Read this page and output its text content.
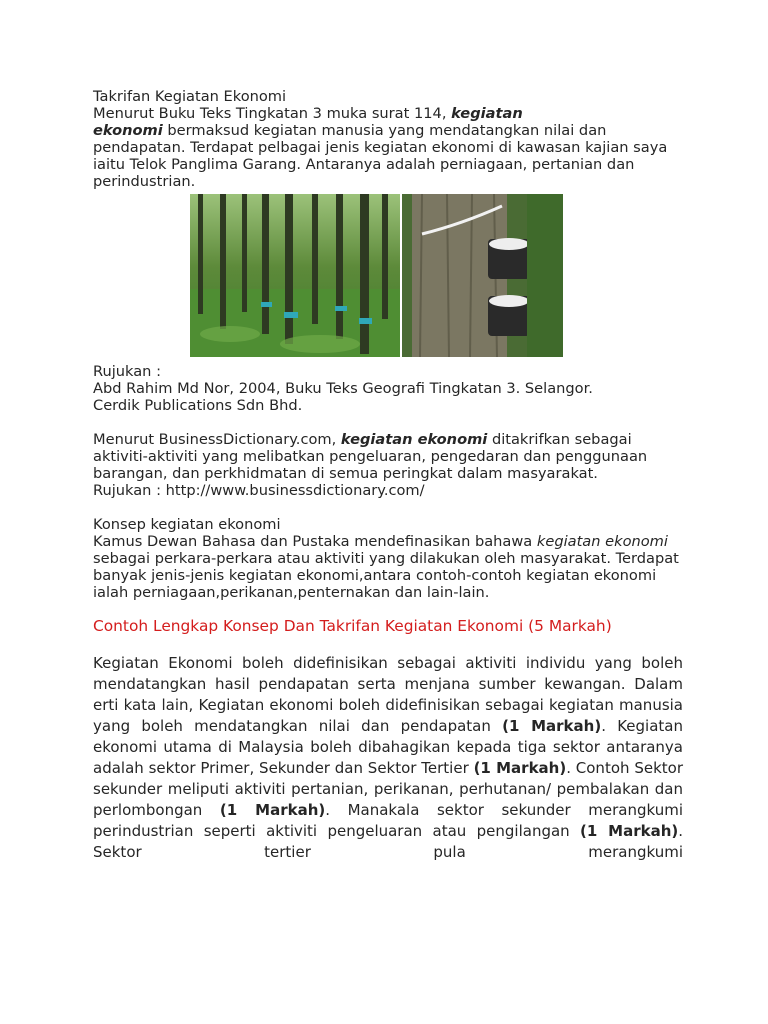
Takrifan Kegiatan Ekonomi

Menurut Buku Teks Tingkatan 3 muka surat 114, kegiatan
ekonomi bermaksud kegiatan manusia yang mendatangkan nilai dan pendapatan. Terdapat pelbagai jenis kegiatan ekonomi di kawasan kajian saya iaitu Telok Panglima Garang. Antaranya adalah perniagaan, pertanian dan perindustrian.

Rujukan :

Abd Rahim Md Nor, 2004, Buku Teks Geografi Tingkatan 3. Selangor.

Cerdik Publications Sdn Bhd.

Menurut BusinessDictionary.com, kegiatan ekonomi ditakrifkan sebagai aktiviti-aktiviti yang melibatkan pengeluaran, pengedaran dan penggunaan barangan, dan perkhidmatan di semua peringkat dalam masyarakat.

Rujukan : http://www.businessdictionary.com/

Konsep kegiatan ekonomi

Kamus Dewan Bahasa dan Pustaka mendefinasikan bahawa kegiatan ekonomi sebagai perkara-perkara atau aktiviti yang dilakukan oleh masyarakat. Terdapat banyak jenis-jenis kegiatan ekonomi,antara contoh-contoh kegiatan ekonomi ialah perniagaan,perikanan,penternakan dan lain-lain.

Contoh Lengkap Konsep Dan Takrifan Kegiatan Ekonomi (5 Markah)

Kegiatan Ekonomi boleh didefinisikan sebagai aktiviti individu yang boleh mendatangkan hasil pendapatan serta menjana sumber kewangan. Dalam erti kata lain, Kegiatan ekonomi boleh didefinisikan sebagai kegiatan manusia yang boleh mendatangkan nilai dan pendapatan (1 Markah). Kegiatan ekonomi utama di Malaysia boleh dibahagikan kepada tiga sektor antaranya adalah sektor Primer, Sekunder dan Sektor Tertier (1 Markah). Contoh Sektor sekunder meliputi aktiviti pertanian, perikanan, perhutanan/ pembalakan dan perlombongan (1 Markah). Manakala sektor sekunder merangkumi perindustrian seperti aktiviti pengeluaran atau pengilangan (1 Markah). Sektor tertier pula merangkumi
